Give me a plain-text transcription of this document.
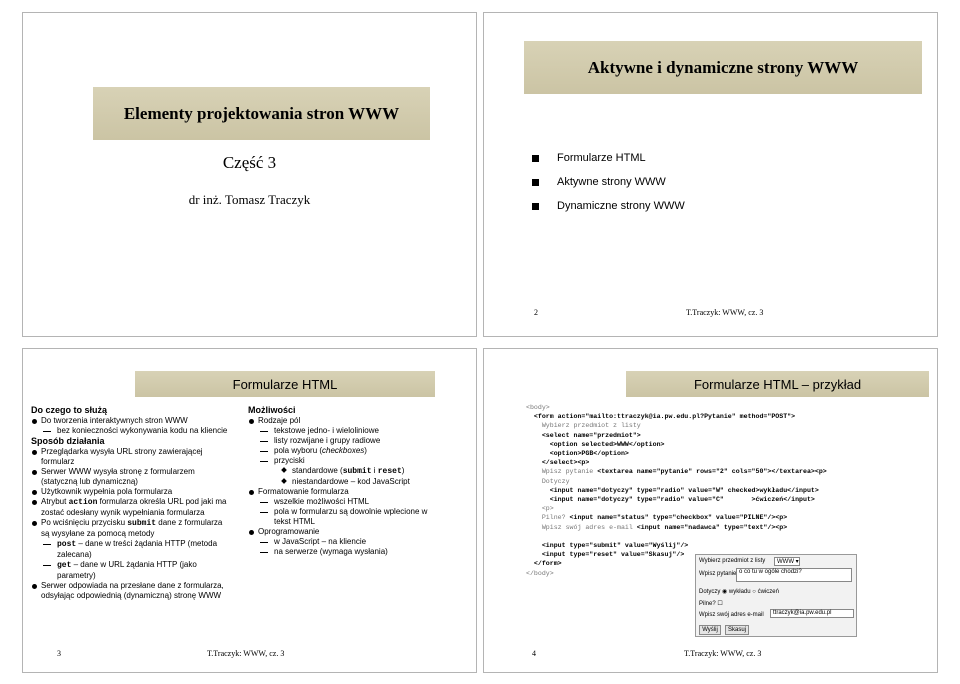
Elementy projektowania stron WWW
Część 3
dr inż. Tomasz Traczyk
Aktywne i dynamiczne strony WWW
Formularze HTML
Aktywne strony WWW
Dynamiczne strony WWW
2	T.Traczyk: WWW, cz. 3
Formularze HTML
Do czego to służą
Do tworzenia interaktywnych stron WWW
bez konieczności wykonywania kodu na kliencie
Sposób działania
Przeglądarka wysyła URL strony zawierającej formularz
Serwer WWW wysyła stronę z formularzem (statyczną lub dynamiczną)
Użytkownik wypełnia pola formularza
Atrybut action formularza określa URL pod jaki ma zostać odesłany wynik wypełniania formularza
Po wciśnięciu przycisku submit dane z formularza są wysyłane za pomocą metody
post – dane w treści żądania HTTP (metoda zalecana)
get – dane w URL żądania HTTP (jako parametry)
Serwer odpowiada na przesłane dane z formularza, odsyłając odpowiednią (dynamiczną) stronę WWW
Możliwości
Rodzaje pól
tekstowe jedno- i wieloliniowe
listy rozwijane i grupy radiowe
pola wyboru (checkboxes)
przyciski
standardowe (submit i reset)
niestandardowe – kod JavaScript
Formatowanie formularza
wszelkie możliwości HTML
pola w formularzu są dowolnie wplecione w tekst HTML
Oprogramowanie
w JavaScript – na kliencie
na serwerze (wymaga wysłania)
3	T.Traczyk: WWW, cz. 3
Formularze HTML – przykład
<body>
<form action="mailto:ttraczyk@ia.pw.edu.pl?Pytanie" method="POST">
Wybierz przedmiot z listy
<select name="przedmiot">
<option selected>WWW</option>
<option>PGB</option>
</select><p>
Wpisz pytanie <textarea name="pytanie" rows="2" cols="50"></textarea><p>
Dotyczy
<input name="dotyczy" type="radio" value="W" checked>wykładu</input>
<input name="dotyczy" type="radio" value="C"       >ćwiczeń</input>
<p>
Pilne? <input name="status" type="checkbox" value="PILNE"/><p>
Wpisz swój adres e-mail <input name="nadawca" type="text"/><p>

<input type="submit" value="Wyślij"/>
<input type="reset" value="Skasuj"/>
</form>
</body>
Wybierz przedmiot z listy	WWW ▾
Wpisz pytanie o co tu w ogóle chodzi?
Dotyczy ◉ wykładu ○ ćwiczeń
Pilne? ☐
Wpisz swój adres e-mail	ttraczyk@ia.pw.edu.pl
Wyślij	Skasuj
4	T.Traczyk: WWW, cz. 3
